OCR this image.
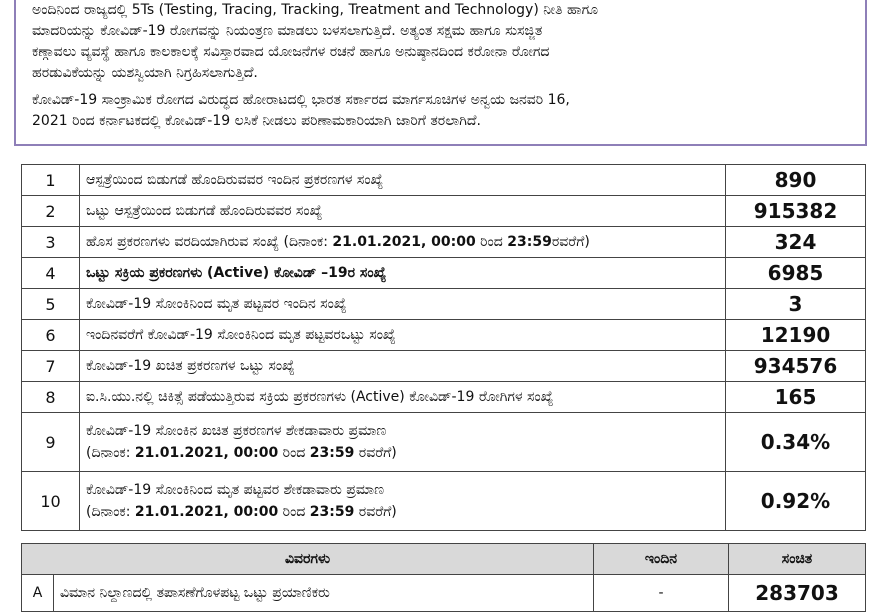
ಅಂದಿನಿಂದ ರಾಜ್ಯದಲ್ಲಿ 5Ts (Testing, Tracing, Tracking, Treatment and Technology) ನೀತಿ ಹಾಗೂ
ಮಾದರಿಯನ್ನು ಕೋವಿಡ್-19 ರೋಗವನ್ನು ನಿಯಂತ್ರಣ ಮಾಡಲು ಬಳಸಲಾಗುತ್ತಿದೆ. ಅತ್ಯಂತ ಸಕ್ಷಮ ಹಾಗೂ ಸುಸಜ್ಜಿತ
ಕಣ್ಗಾವಲು ವ್ಯವಸ್ಥೆ ಹಾಗೂ ಕಾಲಕಾಲಕ್ಕೆ ಸವಿಸ್ತಾರವಾದ ಯೋಜನೆಗಳ ರಚನೆ ಹಾಗೂ ಅನುಷ್ಠಾನದಿಂದ ಕರೋನಾ ರೋಗದ
ಹರಡುವಿಕೆಯನ್ನು ಯಶಸ್ವಿಯಾಗಿ ನಿಗ್ರಹಿಸಲಾಗುತ್ತಿದೆ.

ಕೋವಿಡ್-19 ಸಾಂಕ್ರಾಮಿಕ ರೋಗದ ವಿರುದ್ಧದ ಹೋರಾಟದಲ್ಲಿ ಭಾರತ ಸರ್ಕಾರದ ಮಾರ್ಗಸೂಚಿಗಳ ಅನ್ವಯ ಜನವರಿ 16,
2021 ರಿಂದ ಕರ್ನಾಟಕದಲ್ಲಿ ಕೋವಿಡ್-19 ಲಸಿಕೆ ನೀಡಲು ಪರಿಣಾಮಕಾರಿಯಾಗಿ ಜಾರಿಗೆ ತರಲಾಗಿದೆ.

1	ಆಸ್ಪತ್ರೆಯಿಂದ ಬಿಡುಗಡೆ ಹೊಂದಿರುವವರ ಇಂದಿನ ಪ್ರಕರಣಗಳ ಸಂಖ್ಯೆ	890
2	ಒಟ್ಟು ಆಸ್ಪತ್ರೆಯಿಂದ ಬಿಡುಗಡೆ ಹೊಂದಿರುವವರ ಸಂಖ್ಯೆ	915382
3	ಹೊಸ ಪ್ರಕರಣಗಳು ವರದಿಯಾಗಿರುವ ಸಂಖ್ಯೆ (ದಿನಾಂಕ: 21.01.2021, 00:00 ರಿಂದ 23:59ರವರೆಗೆ)	324
4	ಒಟ್ಟು ಸಕ್ರಿಯ ಪ್ರಕರಣಗಳು (Active) ಕೋವಿಡ್ –19ರ ಸಂಖ್ಯೆ	6985
5	ಕೋವಿಡ್-19 ಸೋಂಕಿನಿಂದ ಮೃತ ಪಟ್ಟವರ ಇಂದಿನ ಸಂಖ್ಯೆ	3
6	ಇಂದಿನವರೆಗೆ ಕೋವಿಡ್-19 ಸೋಂಕಿನಿಂದ ಮೃತ ಪಟ್ಟವರಒಟ್ಟು ಸಂಖ್ಯೆ	12190
7	ಕೋವಿಡ್-19 ಖಚಿತ ಪ್ರಕರಣಗಳ ಒಟ್ಟು ಸಂಖ್ಯೆ	934576
8	ಐ.ಸಿ.ಯು.ನಲ್ಲಿ ಚಿಕಿತ್ಸೆ ಪಡೆಯುತ್ತಿರುವ ಸಕ್ರಿಯ ಪ್ರಕರಣಗಳು (Active) ಕೋವಿಡ್-19 ರೋಗಿಗಳ ಸಂಖ್ಯೆ	165
9	ಕೋವಿಡ್-19 ಸೋಂಕಿನ ಖಚಿತ ಪ್ರಕರಣಗಳ ಶೇಕಡಾವಾರು ಪ್ರಮಾಣ
(ದಿನಾಂಕ: 21.01.2021, 00:00 ರಿಂದ 23:59 ರವರೆಗೆ)	0.34%
10	ಕೋವಿಡ್-19 ಸೋಂಕಿನಿಂದ ಮೃತ ಪಟ್ಟವರ ಶೇಕಡಾವಾರು ಪ್ರಮಾಣ
(ದಿನಾಂಕ: 21.01.2021, 00:00 ರಿಂದ 23:59 ರವರೆಗೆ)	0.92%
ವಿವರಗಳು		ಇಂದಿನ	ಸಂಚಿತ
A	ವಿಮಾನ ನಿಲ್ದಾಣದಲ್ಲಿ ತಪಾಸಣೆಗೊಳಪಟ್ಟ ಒಟ್ಟು ಪ್ರಯಾಣಿಕರು	-	283703
